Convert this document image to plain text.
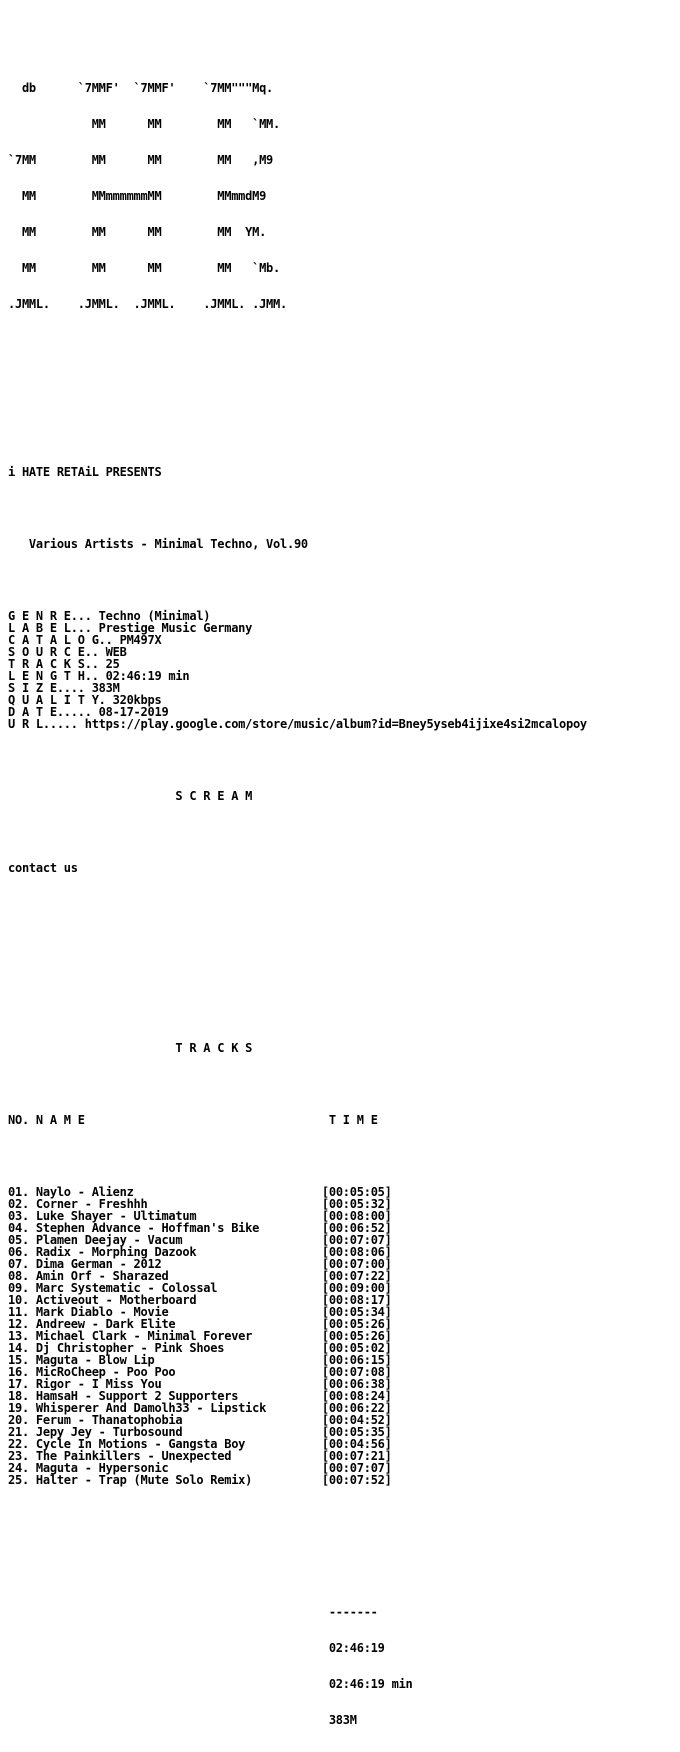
db      `7MMF'  `7MMF'    `7MM"""Mq.

MM      MM        MM   `MM.

`7MM        MM      MM        MM   ,M9

MM        MMmmmmmmMM        MMmmdM9

MM        MM      MM        MM  YM.

MM        MM      MM        MM   `Mb.

.JMML.    .JMML.  .JMML.    .JMML. .JMM.

i HATE RETAiL PRESENTS

Various Artists - Minimal Techno, Vol.90

G E N R E... Techno (Minimal)
L A B E L... Prestige Music Germany
C A T A L O G.. PM497X
S O U R C E.. WEB
T R A C K S.. 25
L E N G T H.. 02:46:19 min
S I Z E.... 383M
Q U A L I T Y. 320kbps
D A T E..... 08-17-2019
U R L..... https://play.google.com/store/music/album?id=Bney5yseb4ijixe4si2mcalopoy

S C R E A M

contact us

T R A C K S

NO. N A M E                                   T I M E

01. Naylo - Alienz                           [00:05:05]
02. Corner - Freshhh                         [00:05:32]
03. Luke Shayer - Ultimatum                  [00:08:00]
04. Stephen Advance - Hoffman's Bike         [00:06:52]
05. Plamen Deejay - Vacum                    [00:07:07]
06. Radix - Morphing Dazook                  [00:08:06]
07. Dima German - 2012                       [00:07:00]
08. Amin Orf - Sharazed                      [00:07:22]
09. Marc Systematic - Colossal               [00:09:00]
10. Activeout - Motherboard                  [00:08:17]
11. Mark Diablo - Movie                      [00:05:34]
12. Andreew - Dark Elite                     [00:05:26]
13. Michael Clark - Minimal Forever          [00:05:26]
14. Dj Christopher - Pink Shoes              [00:05:02]
15. Maguta - Blow Lip                        [00:06:15]
16. MicRoCheep - Poo Poo                     [00:07:08]
17. Rigor - I Miss You                       [00:06:38]
18. HamsaH - Support 2 Supporters            [00:08:24]
19. Whisperer And Damolh33 - Lipstick        [00:06:22]
20. Ferum - Thanatophobia                    [00:04:52]
21. Jepy Jey - Turbosound                    [00:05:35]
22. Cycle In Motions - Gangsta Boy           [00:04:56]
23. The Painkillers - Unexpected             [00:07:21]
24. Maguta - Hypersonic                      [00:07:07]
25. Halter - Trap (Mute Solo Remix)          [00:07:52]

-------

02:46:19

02:46:19 min

383M
